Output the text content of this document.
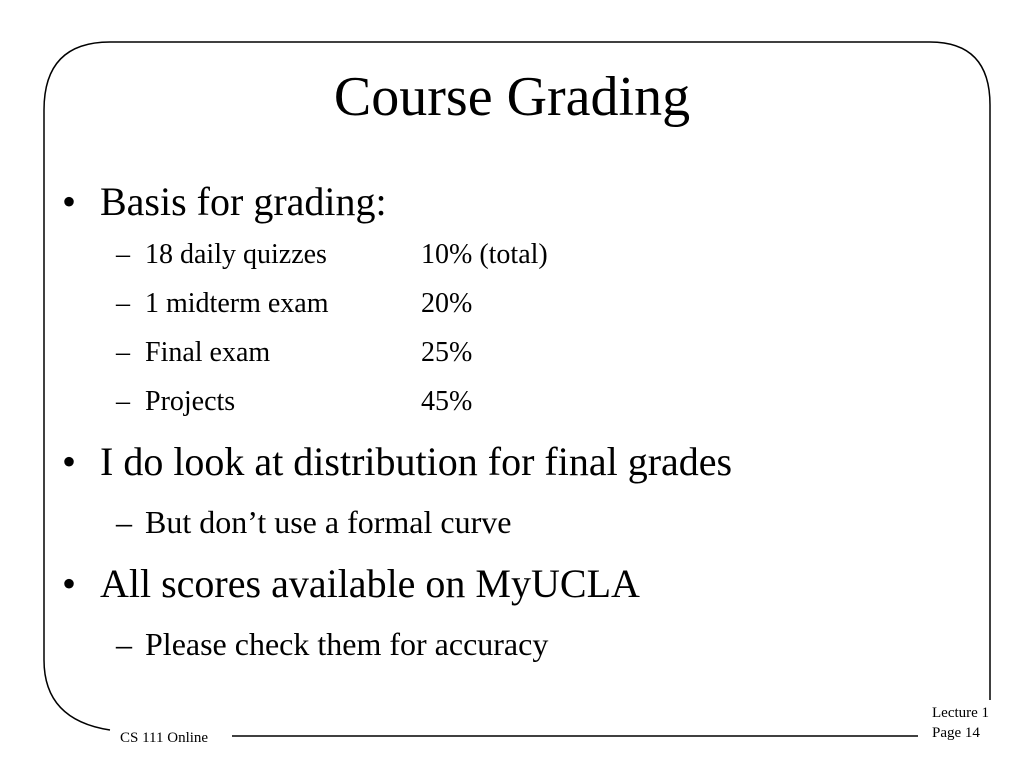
Course Grading
• Basis for grading:
– 18 daily quizzes	10% (total)
– 1 midterm exam	20%
– Final exam	25%
– Projects	45%
• I do look at distribution for final grades
– But don’t use a formal curve
• All scores available on MyUCLA
– Please check them for accuracy
CS 111 Online
Lecture 1
Page 14
